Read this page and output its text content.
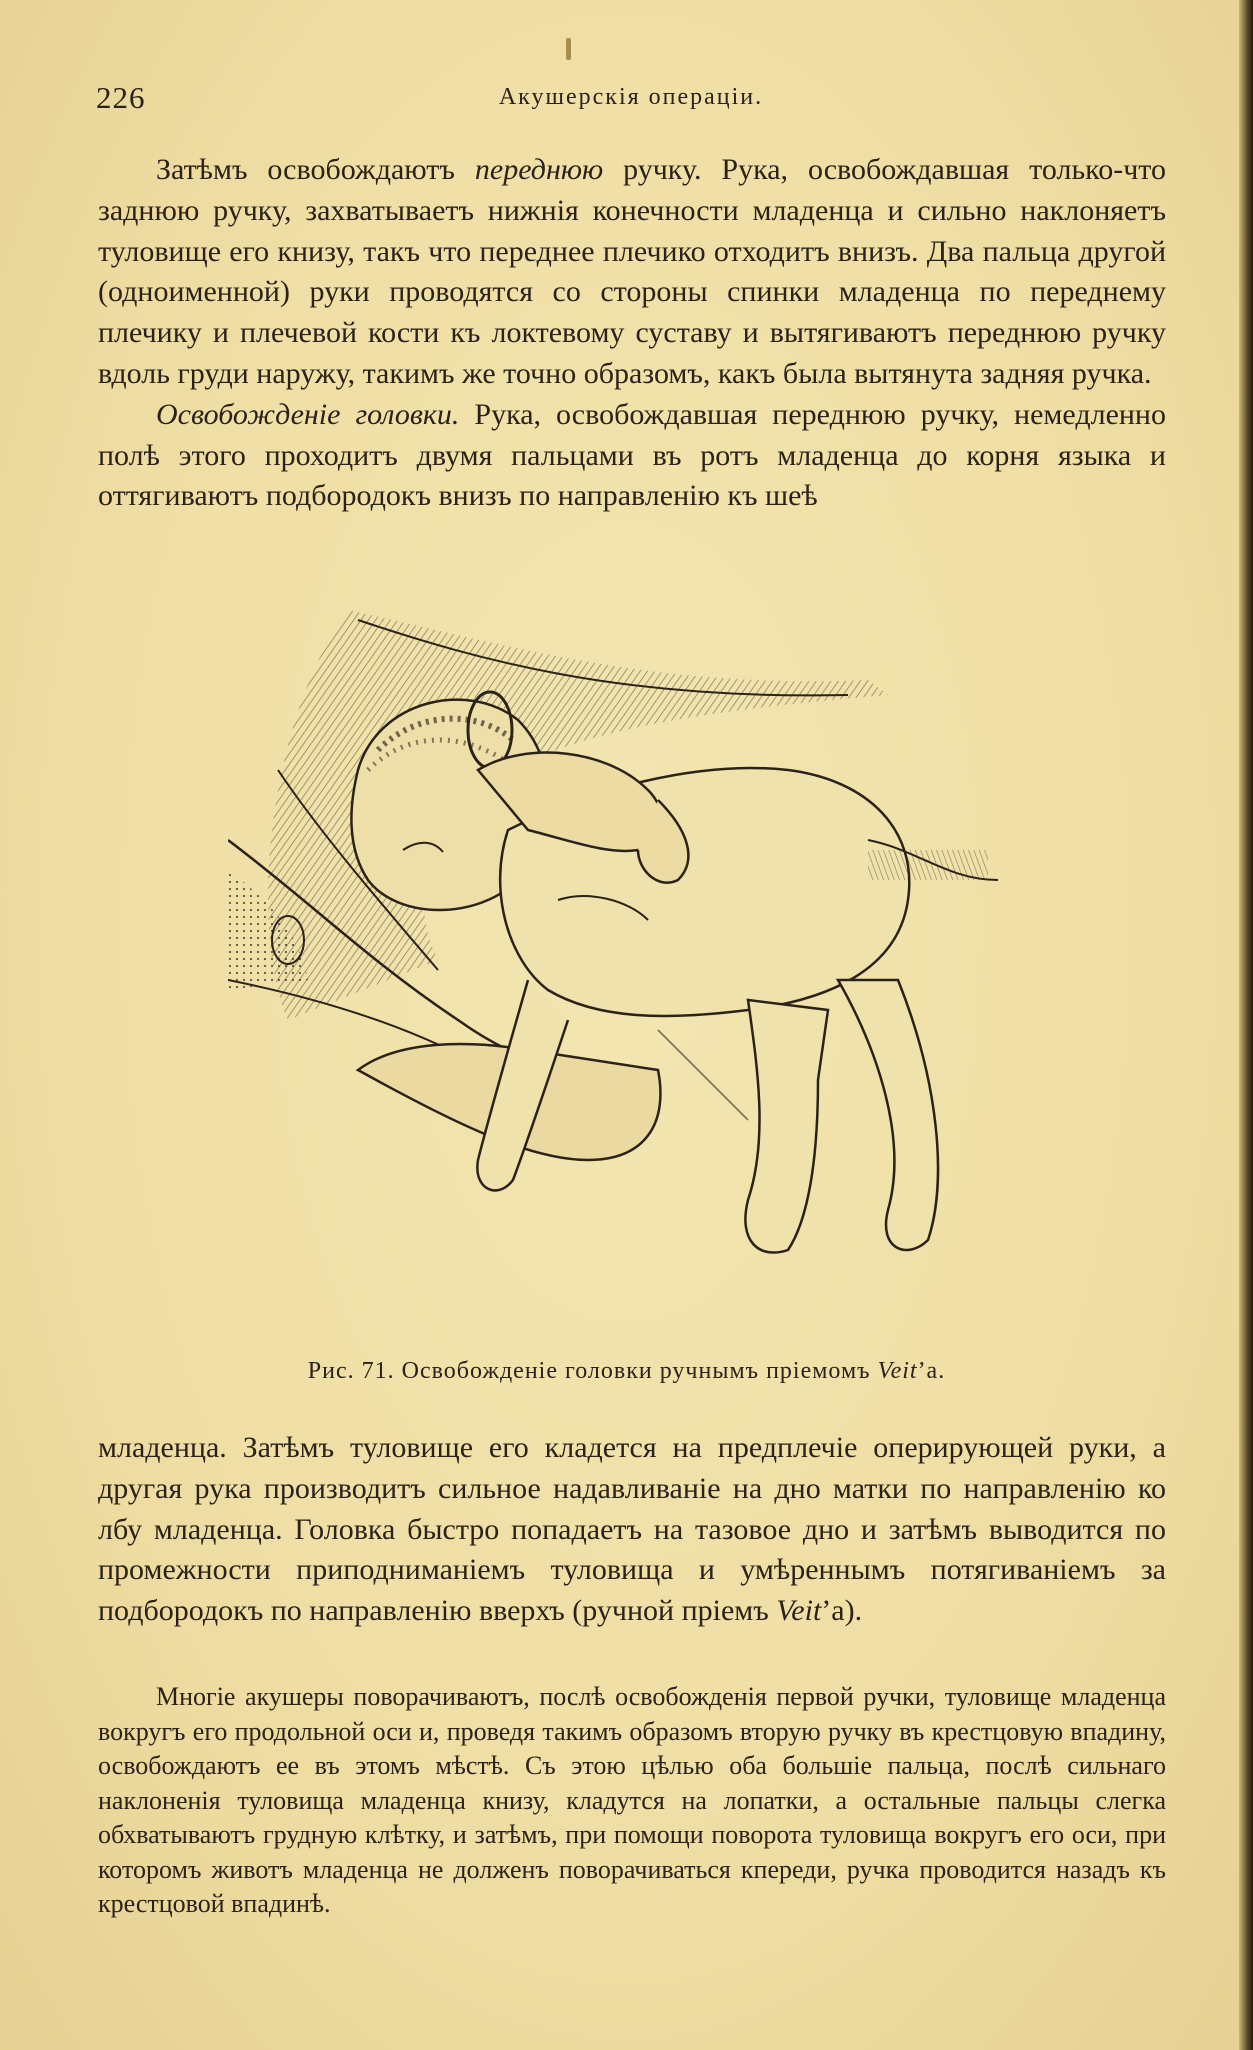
226	Акушерскія операціи.

Затѣмъ освобождаютъ переднюю ручку. Рука, освобождавшая только-что заднюю ручку, захватываетъ нижнія конечности младенца и сильно наклоняетъ туловище его книзу, такъ что переднее плечико отходитъ внизъ. Два пальца другой (одноименной) руки проводятся со стороны спинки младенца по переднему плечику и плечевой кости къ локтевому суставу и вытягиваютъ переднюю ручку вдоль груди наружу, такимъ же точно образомъ, какъ была вытянута задняя ручка.

Освобожденіе головки. Рука, освобождавшая переднюю ручку, немедленно полѣ этого проходитъ двумя пальцами въ ротъ младенца до корня языка и оттягиваютъ подбородокъ внизъ по направленію къ шеѣ

Рис. 71. Освобожденіе головки ручнымъ пріемомъ Veit’а.

младенца. Затѣмъ туловище его кладется на предплечіе оперирующей руки, а другая рука производитъ сильное надавливаніе на дно матки по направленію ко лбу младенца. Головка быстро попадаетъ на тазовое дно и затѣмъ выводится по промежности приподниманіемъ туловища и умѣреннымъ потягиваніемъ за подбородокъ по направленію вверхъ (ручной пріемъ Veit’а).

Многіе акушеры поворачиваютъ, послѣ освобожденія первой ручки, туловище младенца вокругъ его продольной оси и, проведя такимъ образомъ вторую ручку въ крестцовую впадину, освобождаютъ ее въ этомъ мѣстѣ. Съ этою цѣлью оба большіе пальца, послѣ сильнаго наклоненія туловища младенца книзу, кладутся на лопатки, а остальные пальцы слегка обхватываютъ грудную клѣтку, и затѣмъ, при помощи поворота туловища вокругъ его оси, при которомъ животъ младенца не долженъ поворачиваться кпереди, ручка проводится назадъ къ крестцовой впадинѣ.
